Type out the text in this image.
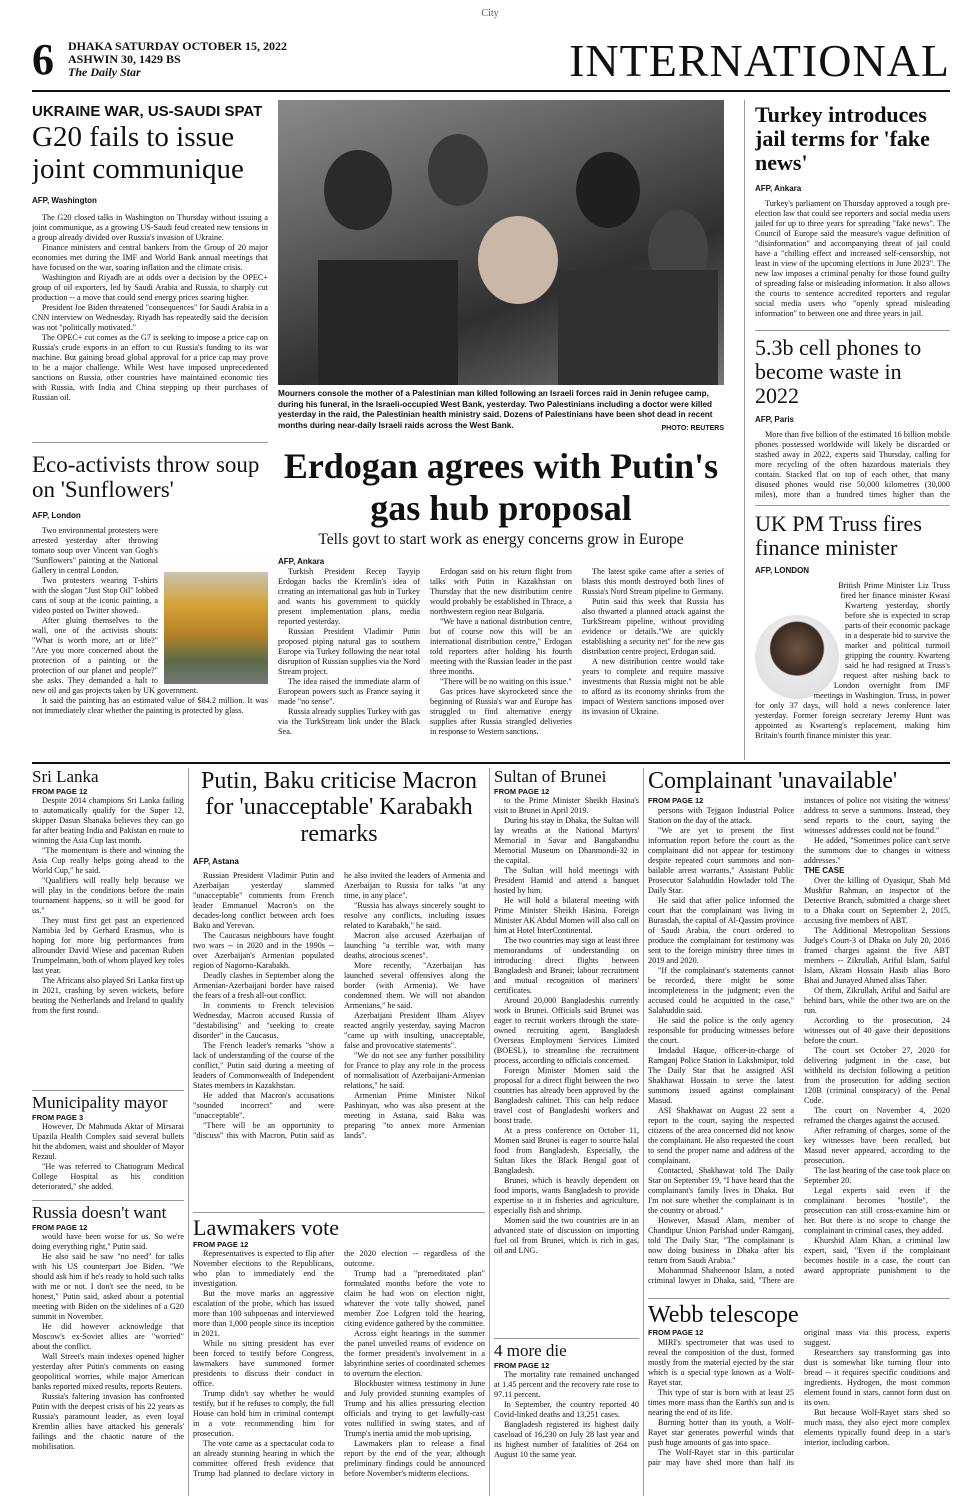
City
6 DHAKA SATURDAY OCTOBER 15, 2022
ASHWIN 30, 1429 BS
The Daily Star	INTERNATIONAL
UKRAINE WAR, US-SAUDI SPAT
G20 fails to issue joint communique
AFP, Washington

The G20 closed talks in Washington on Thursday without issuing a joint communique, as a growing US-Saudi feud created new tensions in a group already divided over Russia's invasion of Ukraine.

Finance ministers and central bankers from the Group of 20 major economies met during the IMF and World Bank annual meetings that have focused on the war, soaring inflation and the climate crisis.

Washington and Riyadh are at odds over a decision by the OPEC+ group of oil exporters, led by Saudi Arabia and Russia, to sharply cut production -- a move that could send energy prices soaring higher.

President Joe Biden threatened "consequences" for Saudi Arabia in a CNN interview on Wednesday. Riyadh has repeatedly said the decision was not "politically motivated."

The OPEC+ cut comes as the G7 is seeking to impose a price cap on Russia's crude exports in an effort to cut Russia's funding to its war machine. But gaining broad global approval for a price cap may prove to be a major challenge. While West have imposed unprecedented sanctions on Russia, other countries have maintained economic ties with Russia, with India and China stepping up their purchases of Russian oil.	Mourners console the mother of a Palestinian man killed following an Israeli forces raid in Jenin refugee camp, during his funeral, in the Israeli-occupied West Bank, yesterday. Two Palestinians including a doctor were killed yesterday in the raid, the Palestinian health ministry said. Dozens of Palestinians have been shot dead in recent months during near-daily Israeli raids across the West Bank.	PHOTO: REUTERS
Turkey introduces jail terms for 'fake news'
AFP, Ankara

Turkey's parliament on Thursday approved a tough pre-election law that could see reporters and social media users jailed for up to three years for spreading "fake news". The Council of Europe said the measure's vague definition of "disinformation" and accompanying threat of jail could have a "chilling effect and increased self-censorship, not least in view of the upcoming elections in June 2023". The new law imposes a criminal penalty for those found guilty of spreading false or misleading information. It also allows the courts to sentence accredited reporters and regular social media users who "openly spread misleading information" to between one and three years in jail.

5.3b cell phones to become waste in 2022
AFP, Paris

More than five billion of the estimated 16 billion mobile phones possessed worldwide will likely be discarded or stashed away in 2022, experts said Thursday, calling for more recycling of the often hazardous materials they contain. Stacked flat on top of each other, that many disused phones would rise 50,000 kilometres (30,000 miles), more than a hundred times higher than the

UK PM Truss fires finance minister
AFP, LONDON

British Prime Minister Liz Truss fired her finance minister Kwasi Kwarteng yesterday, shortly before she is expected to scrap parts of their economic package in a desperate bid to survive the market and political turmoil gripping the country. Kwarteng said he had resigned at Truss's request after rushing back to London overnight from IMF meetings in Washington. Truss, in power for only 37 days, will hold a news conference later yesterday. Former foreign secretary Jeremy Hunt was appointed as Kwarteng's replacement, making him Britain's fourth finance minister this year.

Eco-activists throw soup on 'Sunflowers'
AFP, London

Two environmental protesters were arrested yesterday after throwing tomato soup over Vincent van Gogh's "Sunflowers" painting at the National Gallery in central London.

Two protesters wearing T-shirts with the slogan "Just Stop Oil" lobbed cans of soup at the iconic painting, a video posted on Twitter showed.

After gluing themselves to the wall, one of the activists shouts: "What is worth more, art or life?" "Are you more concerned about the protection of a painting or the protection of our planet and people?" she asks. They demanded a halt to new oil and gas projects taken by UK government.

It said the painting has an estimated value of $84.2 million. It was not immediately clear whether the painting is protected by glass.

Erdogan agrees with Putin's gas hub proposal
Tells govt to start work as energy concerns grow in Europe
AFP, Ankara

Turkish President Recep Tayyip Erdogan backs the Kremlin's idea of creating an international gas hub in Turkey and wants his government to quickly present implementation plans, media reported yesterday.

Russian President Vladimir Putin proposed piping natural gas to southern Europe via Turkey following the near total disruption of Russian supplies via the Nord Stream project.

The idea raised the immediate alarm of European powers such as France saying it made "no sense".

Russia already supplies Turkey with gas via the TurkStream link under the Black Sea.

Erdogan said on his return flight from talks with Putin in Kazakhstan on Thursday that the new distribution centre would probably be established in Thrace, a northwestern region near Bulgaria.

"We have a national distribution centre, but of course now this will be an international distribution centre," Erdogan told reporters after holding his fourth meeting with the Russian leader in the past three months.

"There will be no waiting on this issue."

Gas prices have skyrocketed since the beginning of Russia's war and Europe has struggled to find alternative energy supplies after Russia strangled deliveries in response to Western sanctions.

The latest spike came after a series of blasts this month destroyed both lines of Russia's Nord Stream pipeline to Germany.

Putin said this week that Russia has also thwarted a planned attack against the TurkStream pipeline, without providing evidence or details."We are quickly establishing a security net" for the new gas distribution centre project, Erdogan said.

A new distribution centre would take years to complete and require massive investments that Russia might not be able to afford as its economy shrinks from the impact of Western sanctions imposed over its invasion of Ukraine.

Sri Lanka
FROM PAGE 12

Despite 2014 champions Sri Lanka failing to automatically qualify for the Super 12, skipper Dasun Shanaka believes they can go far after beating India and Pakistan en route to winning the Asia Cup last month.

"The momentum is there and winning the Asia Cup really helps going ahead to the World Cup," he said.

"Qualifiers will really help because we will play in the conditions before the main tournament happens, so it will be good for us."

They must first get past an experienced Namibia led by Gerhard Erasmus, who is hoping for more big performances from allrounder David Wiese and paceman Ruben Trumpelmann, both of whom played key roles last year.

The Africans also played Sri Lanka first up in 2021, crashing by seven wickets, before beating the Netherlands and Ireland to qualify from the first round.

Municipality mayor
FROM PAGE 3

However, Dr Mahmuda Aktar of Mirsarai Upazila Health Complex said several bullets hit the abdomen, waist and shoulder of Mayor Rezaul.

"He was referred to Chattogram Medical College Hospital as his condition deteriorated," she added.

Russia doesn't want
FROM PAGE 12

would have been worse for us. So we're doing everything right," Putin said.

He also said he saw "no need" for talks with his US counterpart Joe Biden. "We should ask him if he's ready to hold such talks with me or not. I don't see the need, to be honest," Putin said, asked about a potential meeting with Biden on the sidelines of a G20 summit in November.

He did however acknowledge that Moscow's ex-Soviet allies are "worried" about the conflict.

Wall Street's main indexes opened higher yesterday after Putin's comments on easing geopolitical worries, while major American banks reported mixed results, reports Reuters.

Russia's faltering invasion has confronted Putin with the deepest crisis of his 22 years as Russia's paramount leader, as even loyal Kremlin allies have attacked his generals' failings and the chaotic nature of the mobilisation.

Putin, Baku criticise Macron for 'unacceptable' Karabakh remarks
AFP, Astana

Russian President Vladimir Putin and Azerbaijan yesterday slammed "unacceptable" comments from French leader Emmanuel Macron's on the decades-long conflict between arch foes Baku and Yerevan.

The Caucasus neighbours have fought two wars -- in 2020 and in the 1990s -- over Azerbaijan's Armenian populated region of Nagorno-Karabakh.

Deadly clashes in September along the Armenian-Azerbaijani border have raised the fears of a fresh all-out conflict.

In comments to French television Wednesday, Macron accused Russia of "destabilising" and "seeking to create disorder" in the Caucasus.

The French leader's remarks "show a lack of understanding of the course of the conflict," Putin said during a meeting of leaders of Commonwealth of Independent States members in Kazakhstan.

He added that Macron's accusations "sounded incorrect" and were "unacceptable".

"There will be an opportunity to "discuss" this with Macron, Putin said as he also invited the leaders of Armenia and Azerbaijan to Russia for talks "at any time, in any place".

"Russia has always sincerely sought to resolve any conflicts, including issues related to Karabakh," he said.

Macron also accused Azerbaijan of launching "a terrible war, with many deaths, atrocious scenes".

More recently, "Azerbaijan has launched several offensives along the border (with Armenia). We have condemned them. We will not abandon Armenians," he said.

Azerbaijani President Ilham Aliyev reacted angrily yesterday, saying Macron "came up with insulting, unacceptable, false and provocative statements".

"We do not see any further possibility for France to play any role in the process of normalisation of Azerbaijani-Armenian relations," he said.

Armenian Prime Minister Nikol Pashinyan, who was also present at the meeting in Astana, said Baku was preparing "to annex more Armenian lands".

Lawmakers vote
FROM PAGE 12

Representatives is expected to flip after November elections to the Republicans, who plan to immediately end the investigation.

But the move marks an aggressive escalation of the probe, which has issued more than 100 subpoenas and interviewed more than 1,000 people since its inception in 2021.

While no sitting president has ever been forced to testify before Congress, lawmakers have summoned former presidents to discuss their conduct in office.

Trump didn't say whether he would testify, but if he refuses to comply, the full House can hold him in criminal contempt in a vote recommending him for prosecution.

The vote came as a spectacular coda to an already stunning hearing in which the committee offered fresh evidence that Trump had planned to declare victory in the 2020 election -- regardless of the outcome.

Trump had a "premeditated plan" formulated months before the vote to claim he had won on election night, whatever the vote tally showed, panel member Zoe Lofgren told the hearing, citing evidence gathered by the committee.

Across eight hearings in the summer the panel unveiled reams of evidence on the former president's involvement in a labyrinthine series of coordinated schemes to overturn the election.

Blockbuster witness testimony in June and July provided stunning examples of Trump and his allies pressuring election officials and trying to get lawfully-cast votes nullified in swing states, and of Trump's inertia amid the mob uprising.

Lawmakers plan to release a final report by the end of the year, although preliminary findings could be announced before November's midterm elections.

Sultan of Brunei
FROM PAGE 12

to the Prime Minister Sheikh Hasina's visit to Brunei in April 2019.

During his stay in Dhaka, the Sultan will lay wreaths at the National Martyrs' Memorial in Savar and Bangabandhu Memorial Museum on Dhanmondi-32 in the capital.

The Sultan will hold meetings with President Hamid and attend a banquet hosted by him.

He will hold a bilateral meeting with Prime Minister Sheikh Hasina. Foreign Minister AK Abdul Momen will also call on him at Hotel InterContinental.

The two countries may sign at least three memorandums of understanding on introducing direct flights between Bangladesh and Brunei; labour recruitment and mutual recognition of mariners' certificates.

Around 20,000 Bangladeshis currently work in Brunei. Officials said Brunei was eager to recruit workers through the state-owned recruiting agent, Bangladesh Overseas Employment Services Limited (BOESL), to streamline the recruitment process, according to officials concerned.

Foreign Minister Momen said the proposal for a direct flight between the two countries has already been approved by the Bangladesh cabinet. This can help reduce travel cost of Bangladeshi workers and boost trade.

At a press conference on October 11, Momen said Brunei is eager to source halal food from Bangladesh. Especially, the Sultan likes the Black Bengal goat of Bangladesh.

Brunei, which is heavily dependent on food imports, wants Bangladesh to provide expertise to it in fisheries and agriculture, especially fish and shrimp.

Momen said the two countries are in an advanced state of discussion on importing fuel oil from Brunei, which is rich in gas, oil and LNG.

4 more die
FROM PAGE 12

The mortality rate remained unchanged at 1.45 percent and the recovery rate rose to 97.11 percent.

In September, the country reported 40 Covid-linked deaths and 13,251 cases.

Bangladesh registered its highest daily caseload of 16,230 on July 28 last year and its highest number of fatalities of 264 on August 10 the same year.

Complainant 'unavailable'
FROM PAGE 12

persons with Tejgaon Industrial Police Station on the day of the attack.

"We are yet to present the first information report before the court as the complainant did not appear for testimony despite repeated court summons and non-bailable arrest warrants," Assistant Public Prosecutor Salahuddin Howlader told The Daily Star.

He said that after police informed the court that the complainant was living in Burasdah, the capital of Al-Qassim province of Saudi Arabia, the court ordered to produce the complainant for testimony was sent to the foreign ministry three times in 2019 and 2020.

"If the complainant's statements cannot be recorded, there might be some incompleteness in the judgment; even the accused could be acquitted in the case," Salahuddin said.

He said the police is the only agency responsible for producing witnesses before the court.

Imdadul Haque, officer-in-charge of Ramganj Police Station in Lakshmipur, told The Daily Star that he assigned ASI Shakhawat Hossain to serve the latest summons issued against complainant Masud.

ASI Shakhawat on August 22 sent a report to the court, saying the respected citizens of the area concerned did not know the complainant. He also requested the court to send the proper name and address of the complainant.

Contacted, Shakhawat told The Daily Star on September 19, "I have heard that the complainant's family lives in Dhaka. But I'm not sure whether the complainant is in the country or abroad."

However, Masud Alam, member of Chandipur Union Parishad under Ramganj, told The Daily Star, "The complainant is now doing business in Dhaka after his return from Saudi Arabia."

Mohammad Shaheenoor Islam, a noted criminal lawyer in Dhaka, said, "There are instances of police not visiting the witness' address to serve a summons. Instead, they send reports to the court, saying the witnesses' addresses could not be found."

He added, "Sometimes police can't serve the summons due to changes in witness addresses."

THE CASE

Over the killing of Oyasiqur, Shah Md Mushfur Rahman, an inspector of the Detective Branch, submitted a charge sheet to a Dhaka court on September 2, 2015, accusing five members of ABT.

The Additional Metropolitan Sessions Judge's Court-3 of Dhaka on July 20, 2016 framed charges against the five ABT members -- Zikrullah, Ariful Islam, Saiful Islam, Akram Hossain Hasib alias Boro Bhai and Junayed Ahmed alias Taher.

Of them, Zikrullah, Ariful and Saiful are behind bars, while the other two are on the run.

According to the prosecution, 24 witnesses out of 40 gave their depositions before the court.

The court set October 27, 2020 for delivering judgment in the case, but withheld its decision following a petition from the prosecution for adding section 120B (criminal conspiracy) of the Penal Code.

The court on November 4, 2020 reframed the charges against the accused.

After reframing of charges, some of the key witnesses have been recalled, but Masud never appeared, according to the prosecution.

The last hearing of the case took place on September 20.

Legal experts said even if the complainant becomes "hostile", the prosecution can still cross-examine him or her. But there is no scope to change the complainant in criminal cases, they added.

Khurshid Alam Khan, a criminal law expert, said, "Even if the complainant becomes hostile in a case, the court can award appropriate punishment to the

Webb telescope
FROM PAGE 12

MIRI's spectrometer that was used to reveal the composition of the dust, formed mostly from the material ejected by the star which is a special type known as a Wolf-Rayet star.

This type of star is born with at least 25 times more mass than the Earth's sun and is nearing the end of its life.

Burning hotter than its youth, a Wolf-Rayet star generates powerful winds that push huge amounts of gas into space.

The Wolf-Rayet star in this particular pair may have shed more than half its original mass via this process, experts suggest.

Researchers say transforming gas into dust is somewhat like turning flour into bread -- it requires specific conditions and ingredients. Hydrogen, the most common element found in stars, cannot form dust on its own.

But because Wolf-Rayet stars shed so much mass, they also eject more complex elements typically found deep in a star's interior, including carbon.
